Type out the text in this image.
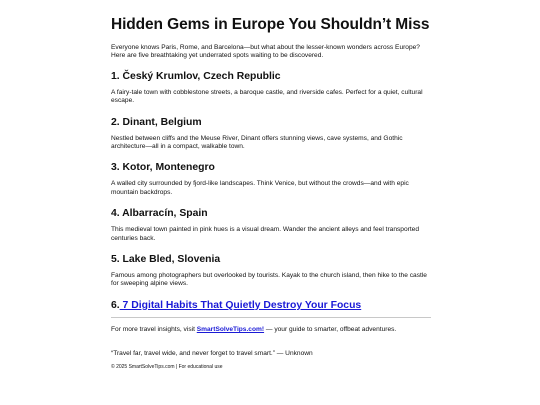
Hidden Gems in Europe You Shouldn’t Miss

Everyone knows Paris, Rome, and Barcelona—but what about the lesser-known wonders across Europe? Here are five breathtaking yet underrated spots waiting to be discovered.

1. Český Krumlov, Czech Republic

A fairy-tale town with cobblestone streets, a baroque castle, and riverside cafes. Perfect for a quiet, cultural escape.

2. Dinant, Belgium

Nestled between cliffs and the Meuse River, Dinant offers stunning views, cave systems, and Gothic architecture—all in a compact, walkable town.

3. Kotor, Montenegro

A walled city surrounded by fjord-like landscapes. Think Venice, but without the crowds—and with epic mountain backdrops.

4. Albarracín, Spain

This medieval town painted in pink hues is a visual dream. Wander the ancient alleys and feel transported centuries back.

5. Lake Bled, Slovenia

Famous among photographers but overlooked by tourists. Kayak to the church island, then hike to the castle for sweeping alpine views.

6. 7 Digital Habits That Quietly Destroy Your Focus

For more travel insights, visit SmartSolveTips.com! — your guide to smarter, offbeat adventures.

“Travel far, travel wide, and never forget to travel smart.” — Unknown

© 2025 SmartSolveTips.com | For educational use
